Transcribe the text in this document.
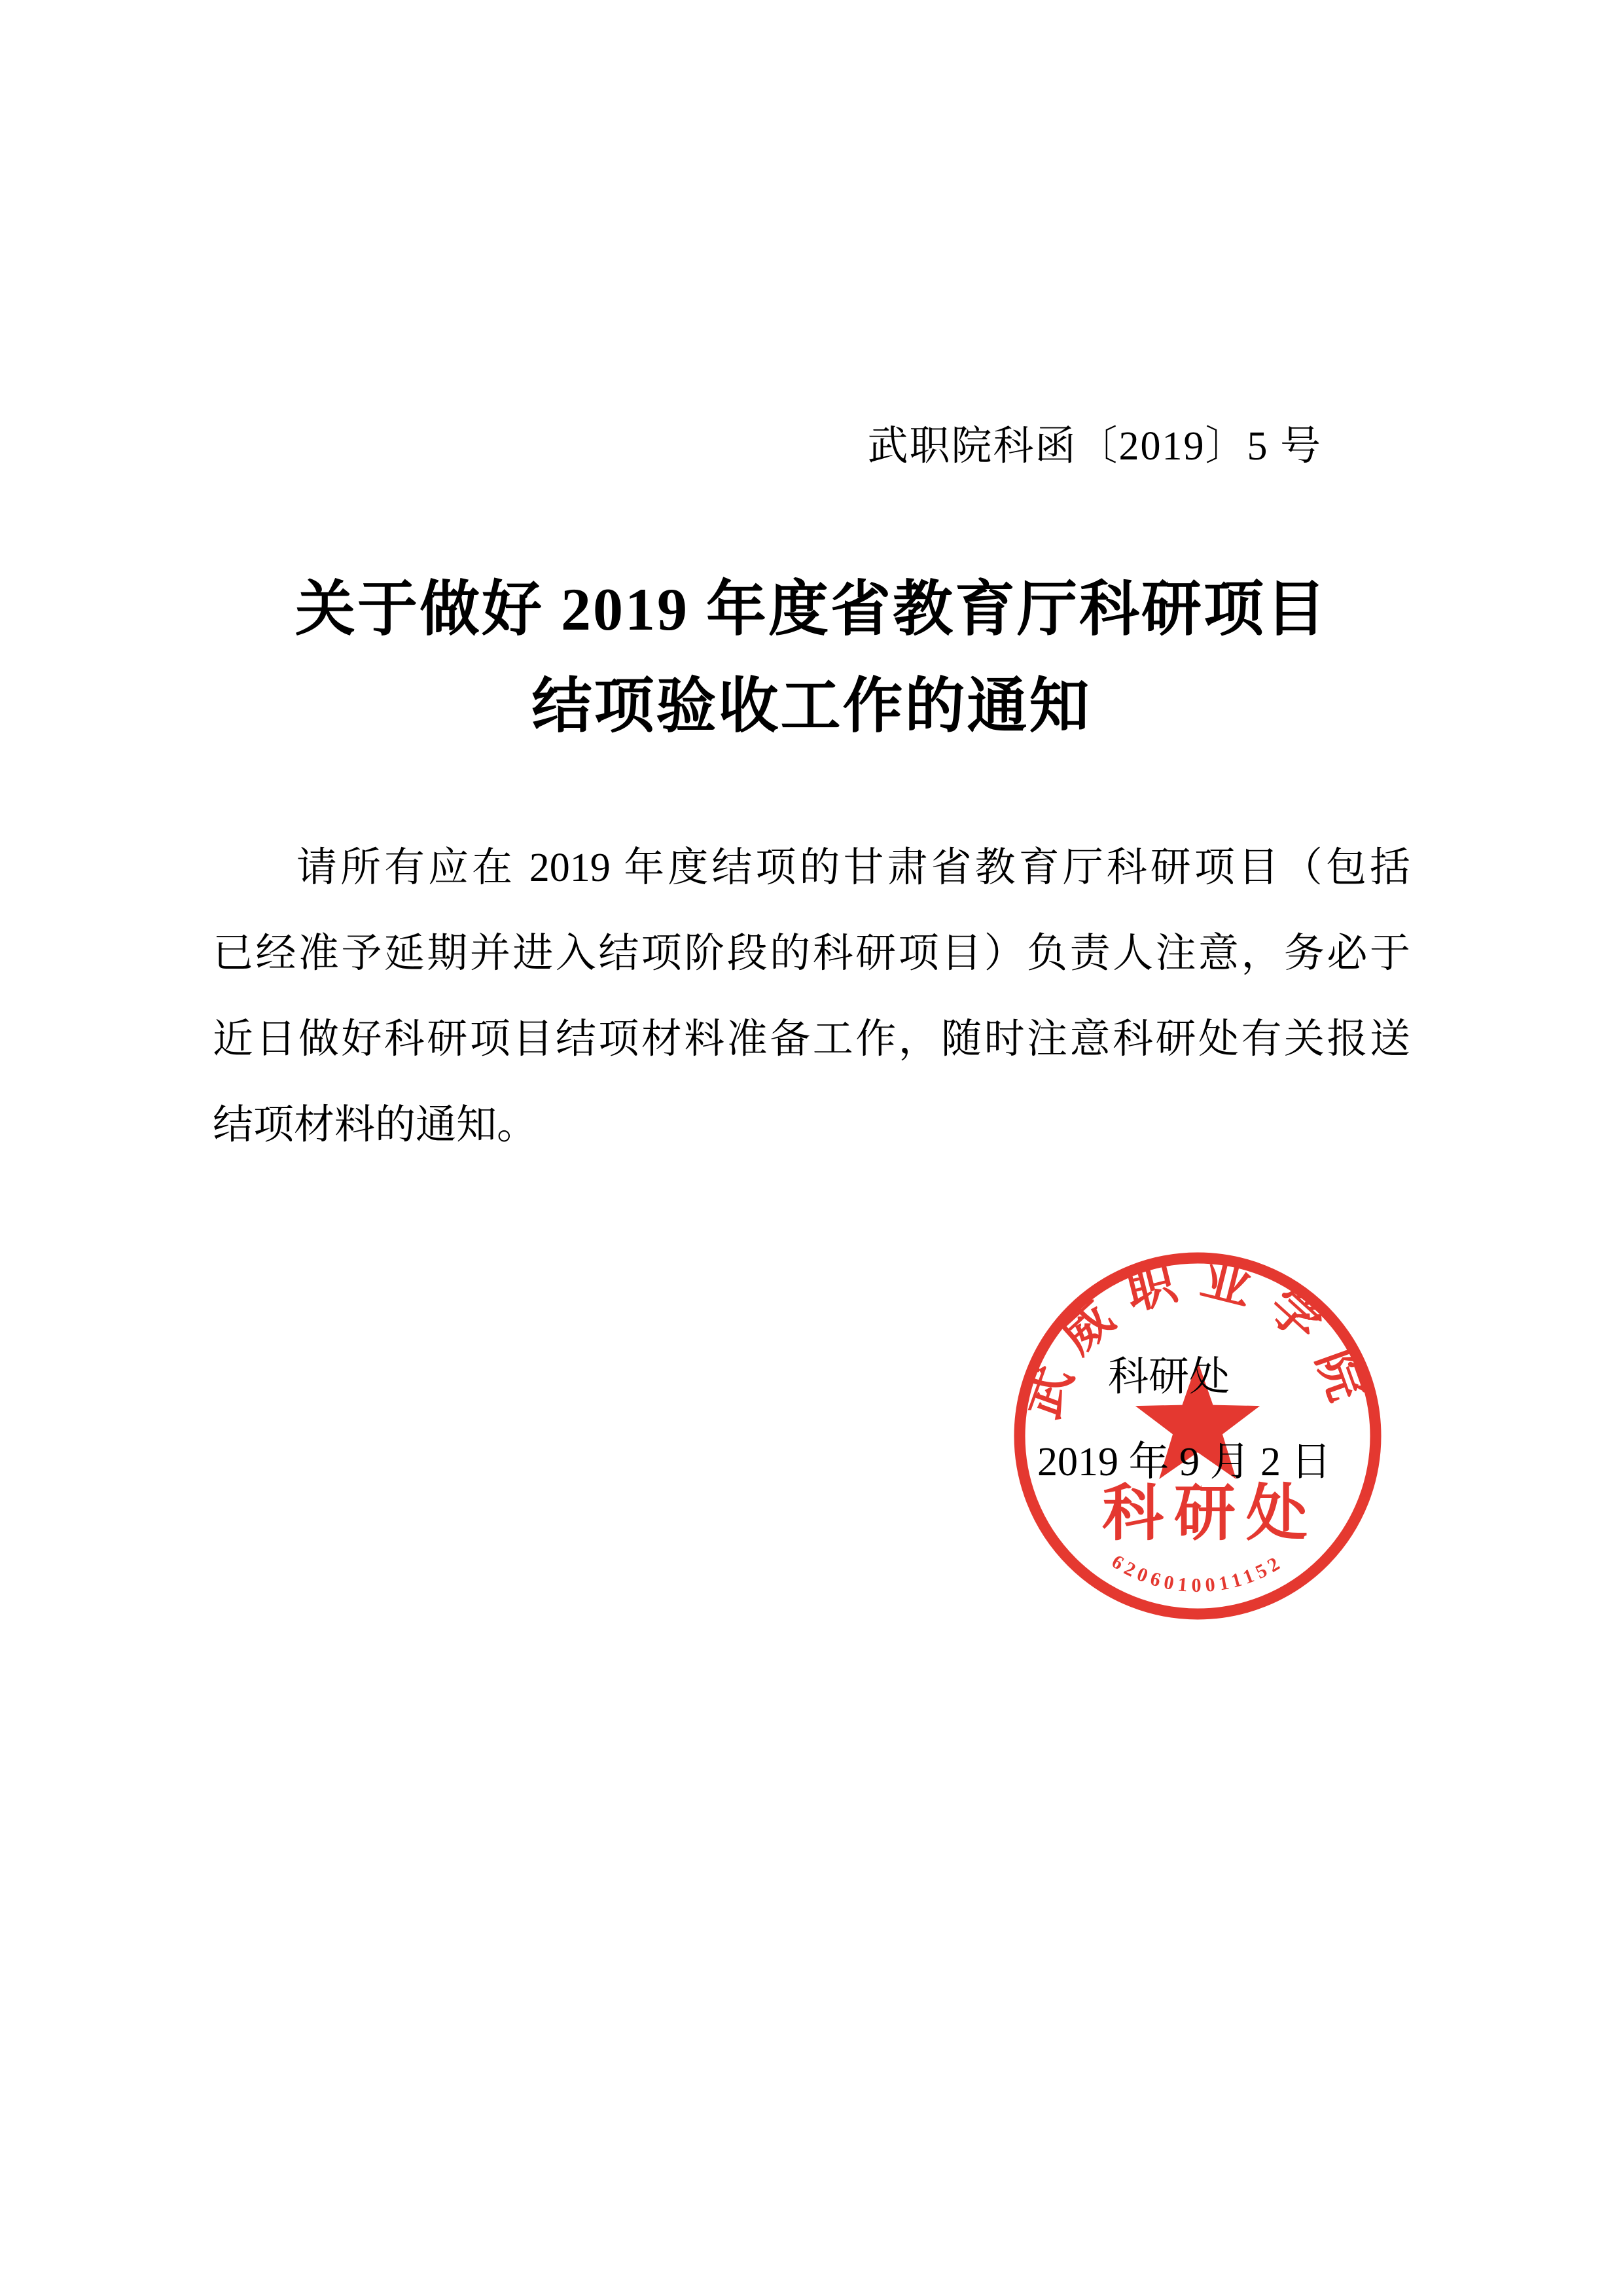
武职院科函〔2019〕5 号
关于做好 2019 年度省教育厅科研项目
结项验收工作的通知
请所有应在 2019 年度结项的甘肃省教育厅科研项目（包括
已经准予延期并进入结项阶段的科研项目）负责人注意，务必于
近日做好科研项目结项材料准备工作，随时注意科研处有关报送
结项材料的通知。
武威职业学院
科研处
6206010011152
科研处
2019 年 9 月 2 日
